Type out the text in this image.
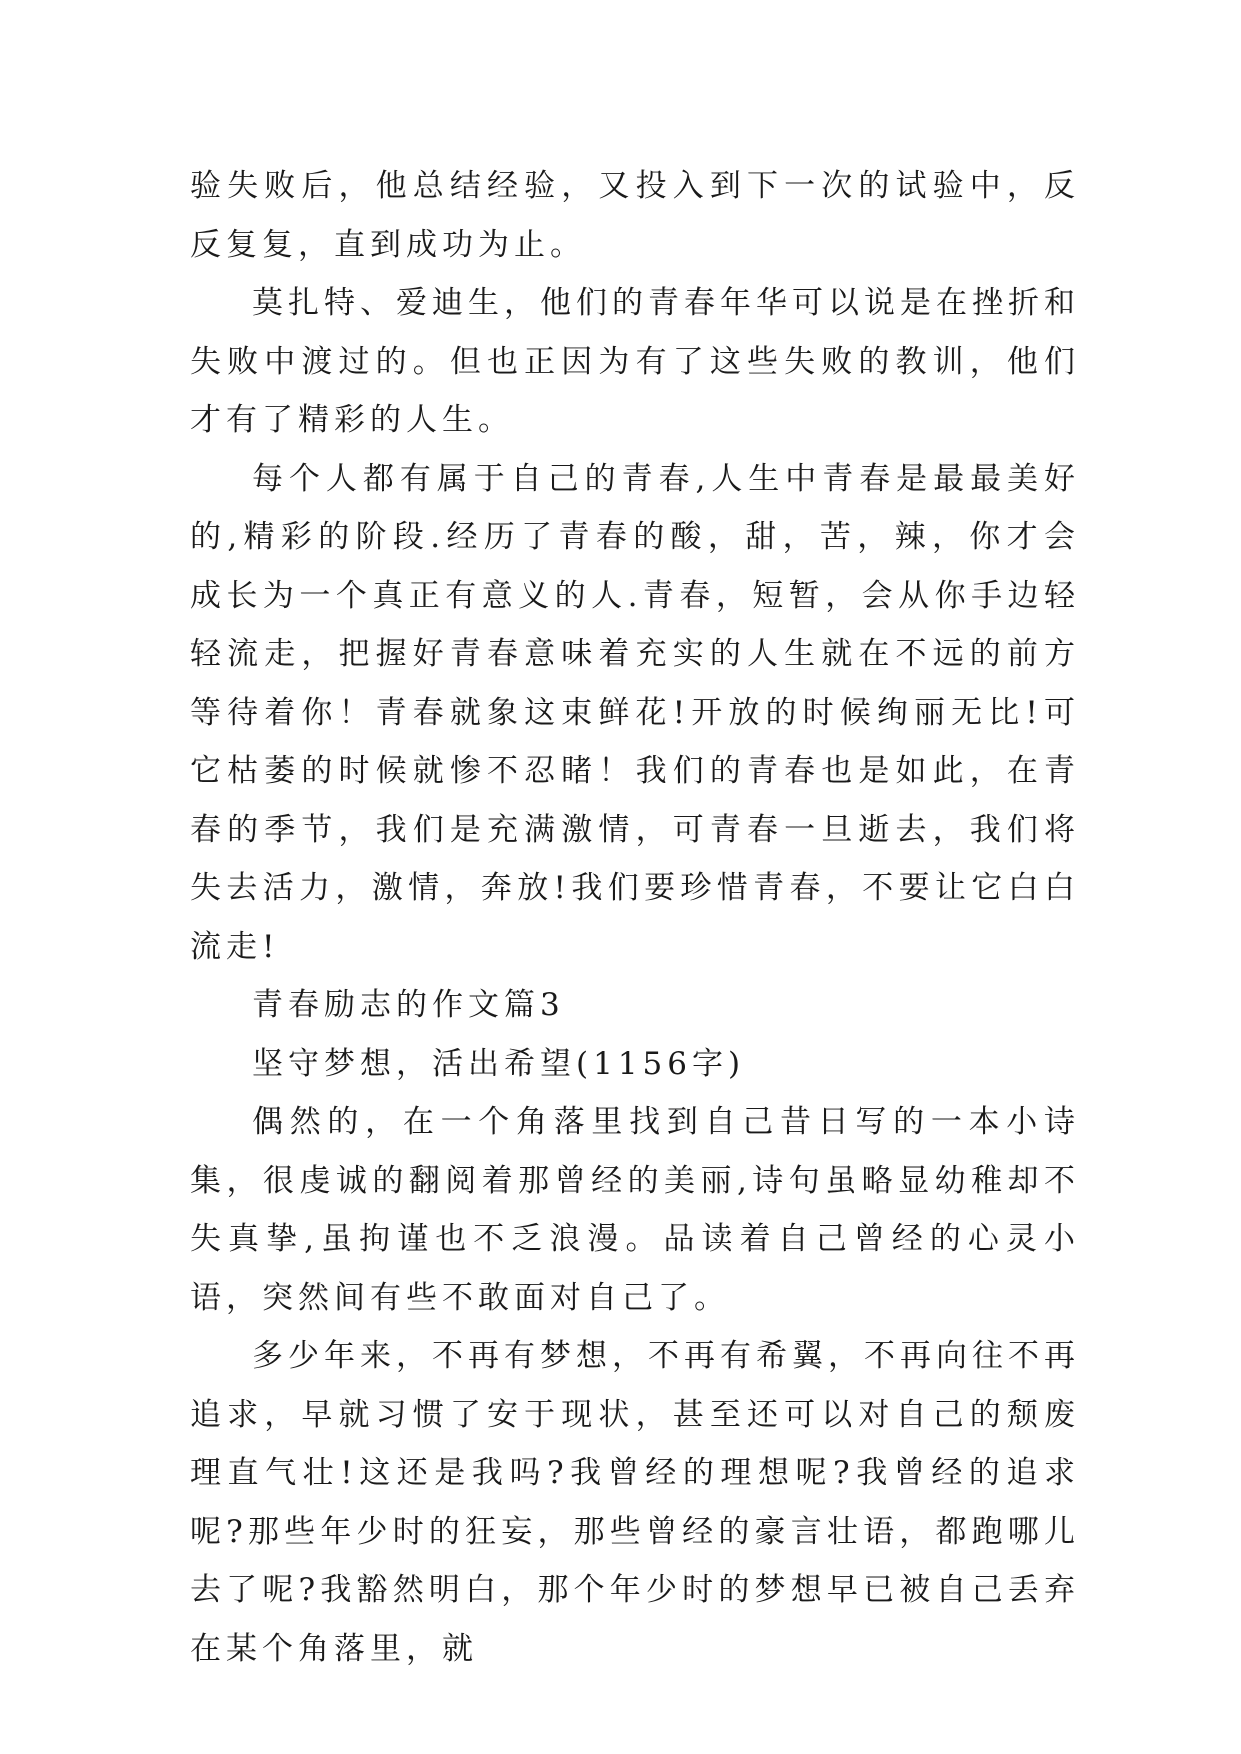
验失败后，他总结经验，又投入到下一次的试验中，反反复复，直到成功为止。

莫扎特、爱迪生，他们的青春年华可以说是在挫折和失败中渡过的。但也正因为有了这些失败的教训，他们才有了精彩的人生。

每个人都有属于自己的青春,人生中青春是最最美好的,精彩的阶段.经历了青春的酸，甜，苦，辣，你才会成长为一个真正有意义的人.青春，短暂，会从你手边轻轻流走，把握好青春意味着充实的人生就在不远的前方等待着你！青春就象这束鲜花!开放的时候绚丽无比!可它枯萎的时候就惨不忍睹！我们的青春也是如此，在青春的季节，我们是充满激情，可青春一旦逝去，我们将失去活力，激情，奔放!我们要珍惜青春，不要让它白白流走!

青春励志的作文篇3

坚守梦想，活出希望(1156字)

偶然的，在一个角落里找到自己昔日写的一本小诗集，很虔诚的翻阅着那曾经的美丽,诗句虽略显幼稚却不失真挚,虽拘谨也不乏浪漫。品读着自己曾经的心灵小语，突然间有些不敢面对自己了。

多少年来，不再有梦想，不再有希翼，不再向往不再追求，早就习惯了安于现状，甚至还可以对自己的颓废理直气壮!这还是我吗?我曾经的理想呢?我曾经的追求呢?那些年少时的狂妄，那些曾经的豪言壮语，都跑哪儿去了呢?我豁然明白，那个年少时的梦想早已被自己丢弃在某个角落里，就
